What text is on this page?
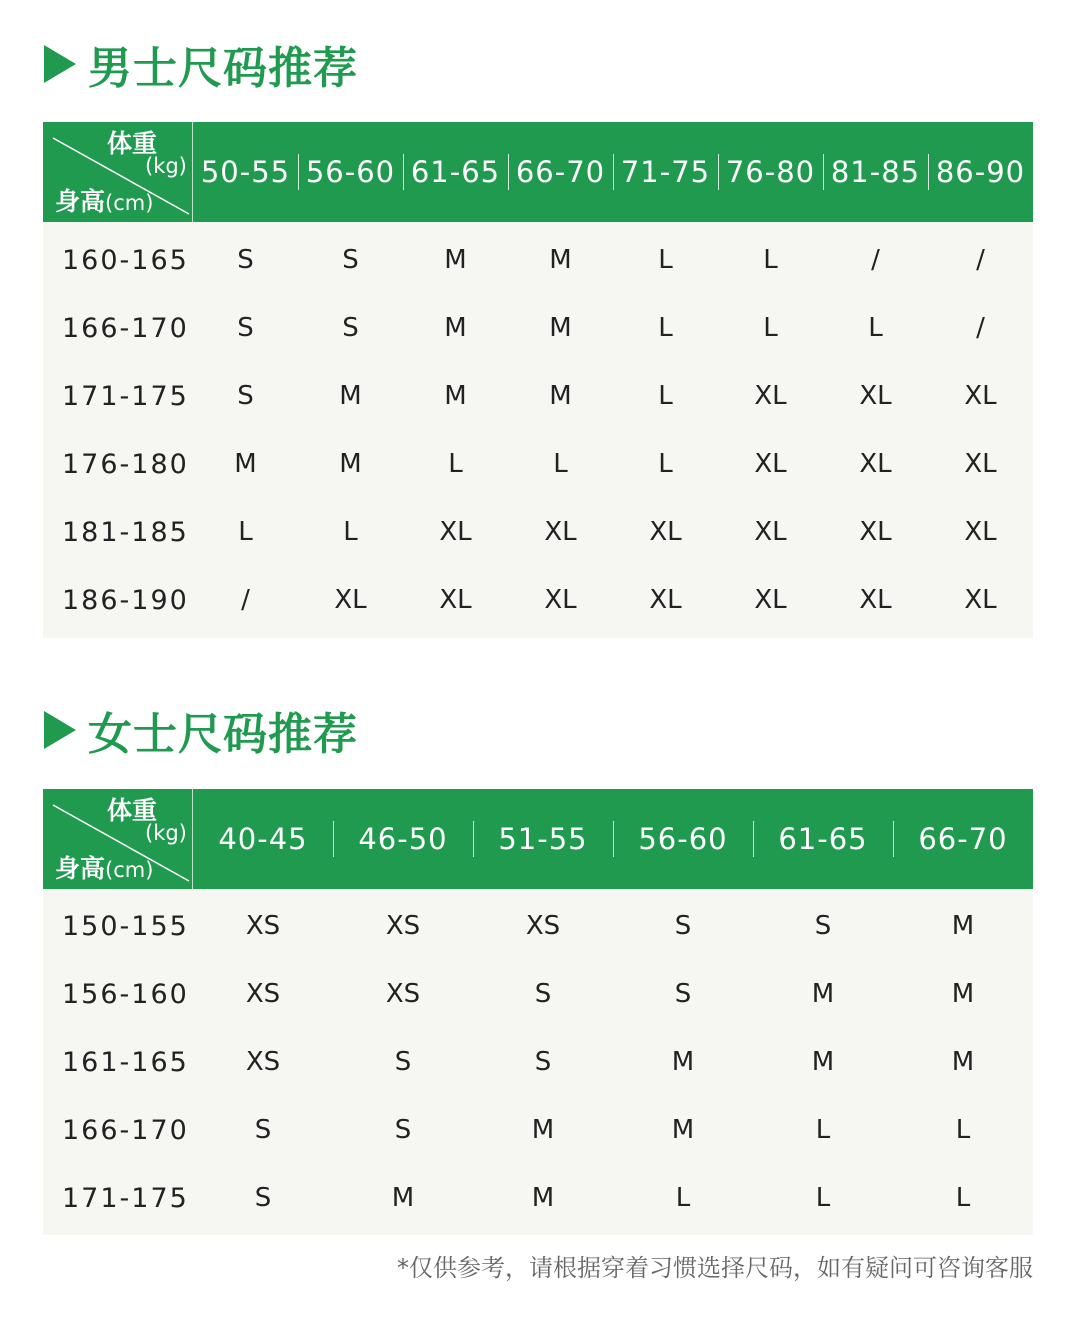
男士尺码推荐
体重
(kg)
身高(cm)
50-55 56-60 61-65 66-70 71-75 76-80 81-85 86-90
160-165	S	S	M	M	L	L	/	/
166-170	S	S	M	M	L	L	L	/
171-175	S	M	M	M	L	XL	XL	XL
176-180	M	M	L	L	L	XL	XL	XL
181-185	L	L	XL	XL	XL	XL	XL	XL
186-190	/	XL	XL	XL	XL	XL	XL	XL
女士尺码推荐
体重
(kg)
身高(cm)
40-45 46-50 51-55 56-60 61-65 66-70
150-155	XS	XS	XS	S	S	M
156-160	XS	XS	S	S	M	M
161-165	XS	S	S	M	M	M
166-170	S	S	M	M	L	L
171-175	S	M	M	L	L	L
*仅供参考，请根据穿着习惯选择尺码，如有疑问可咨询客服
